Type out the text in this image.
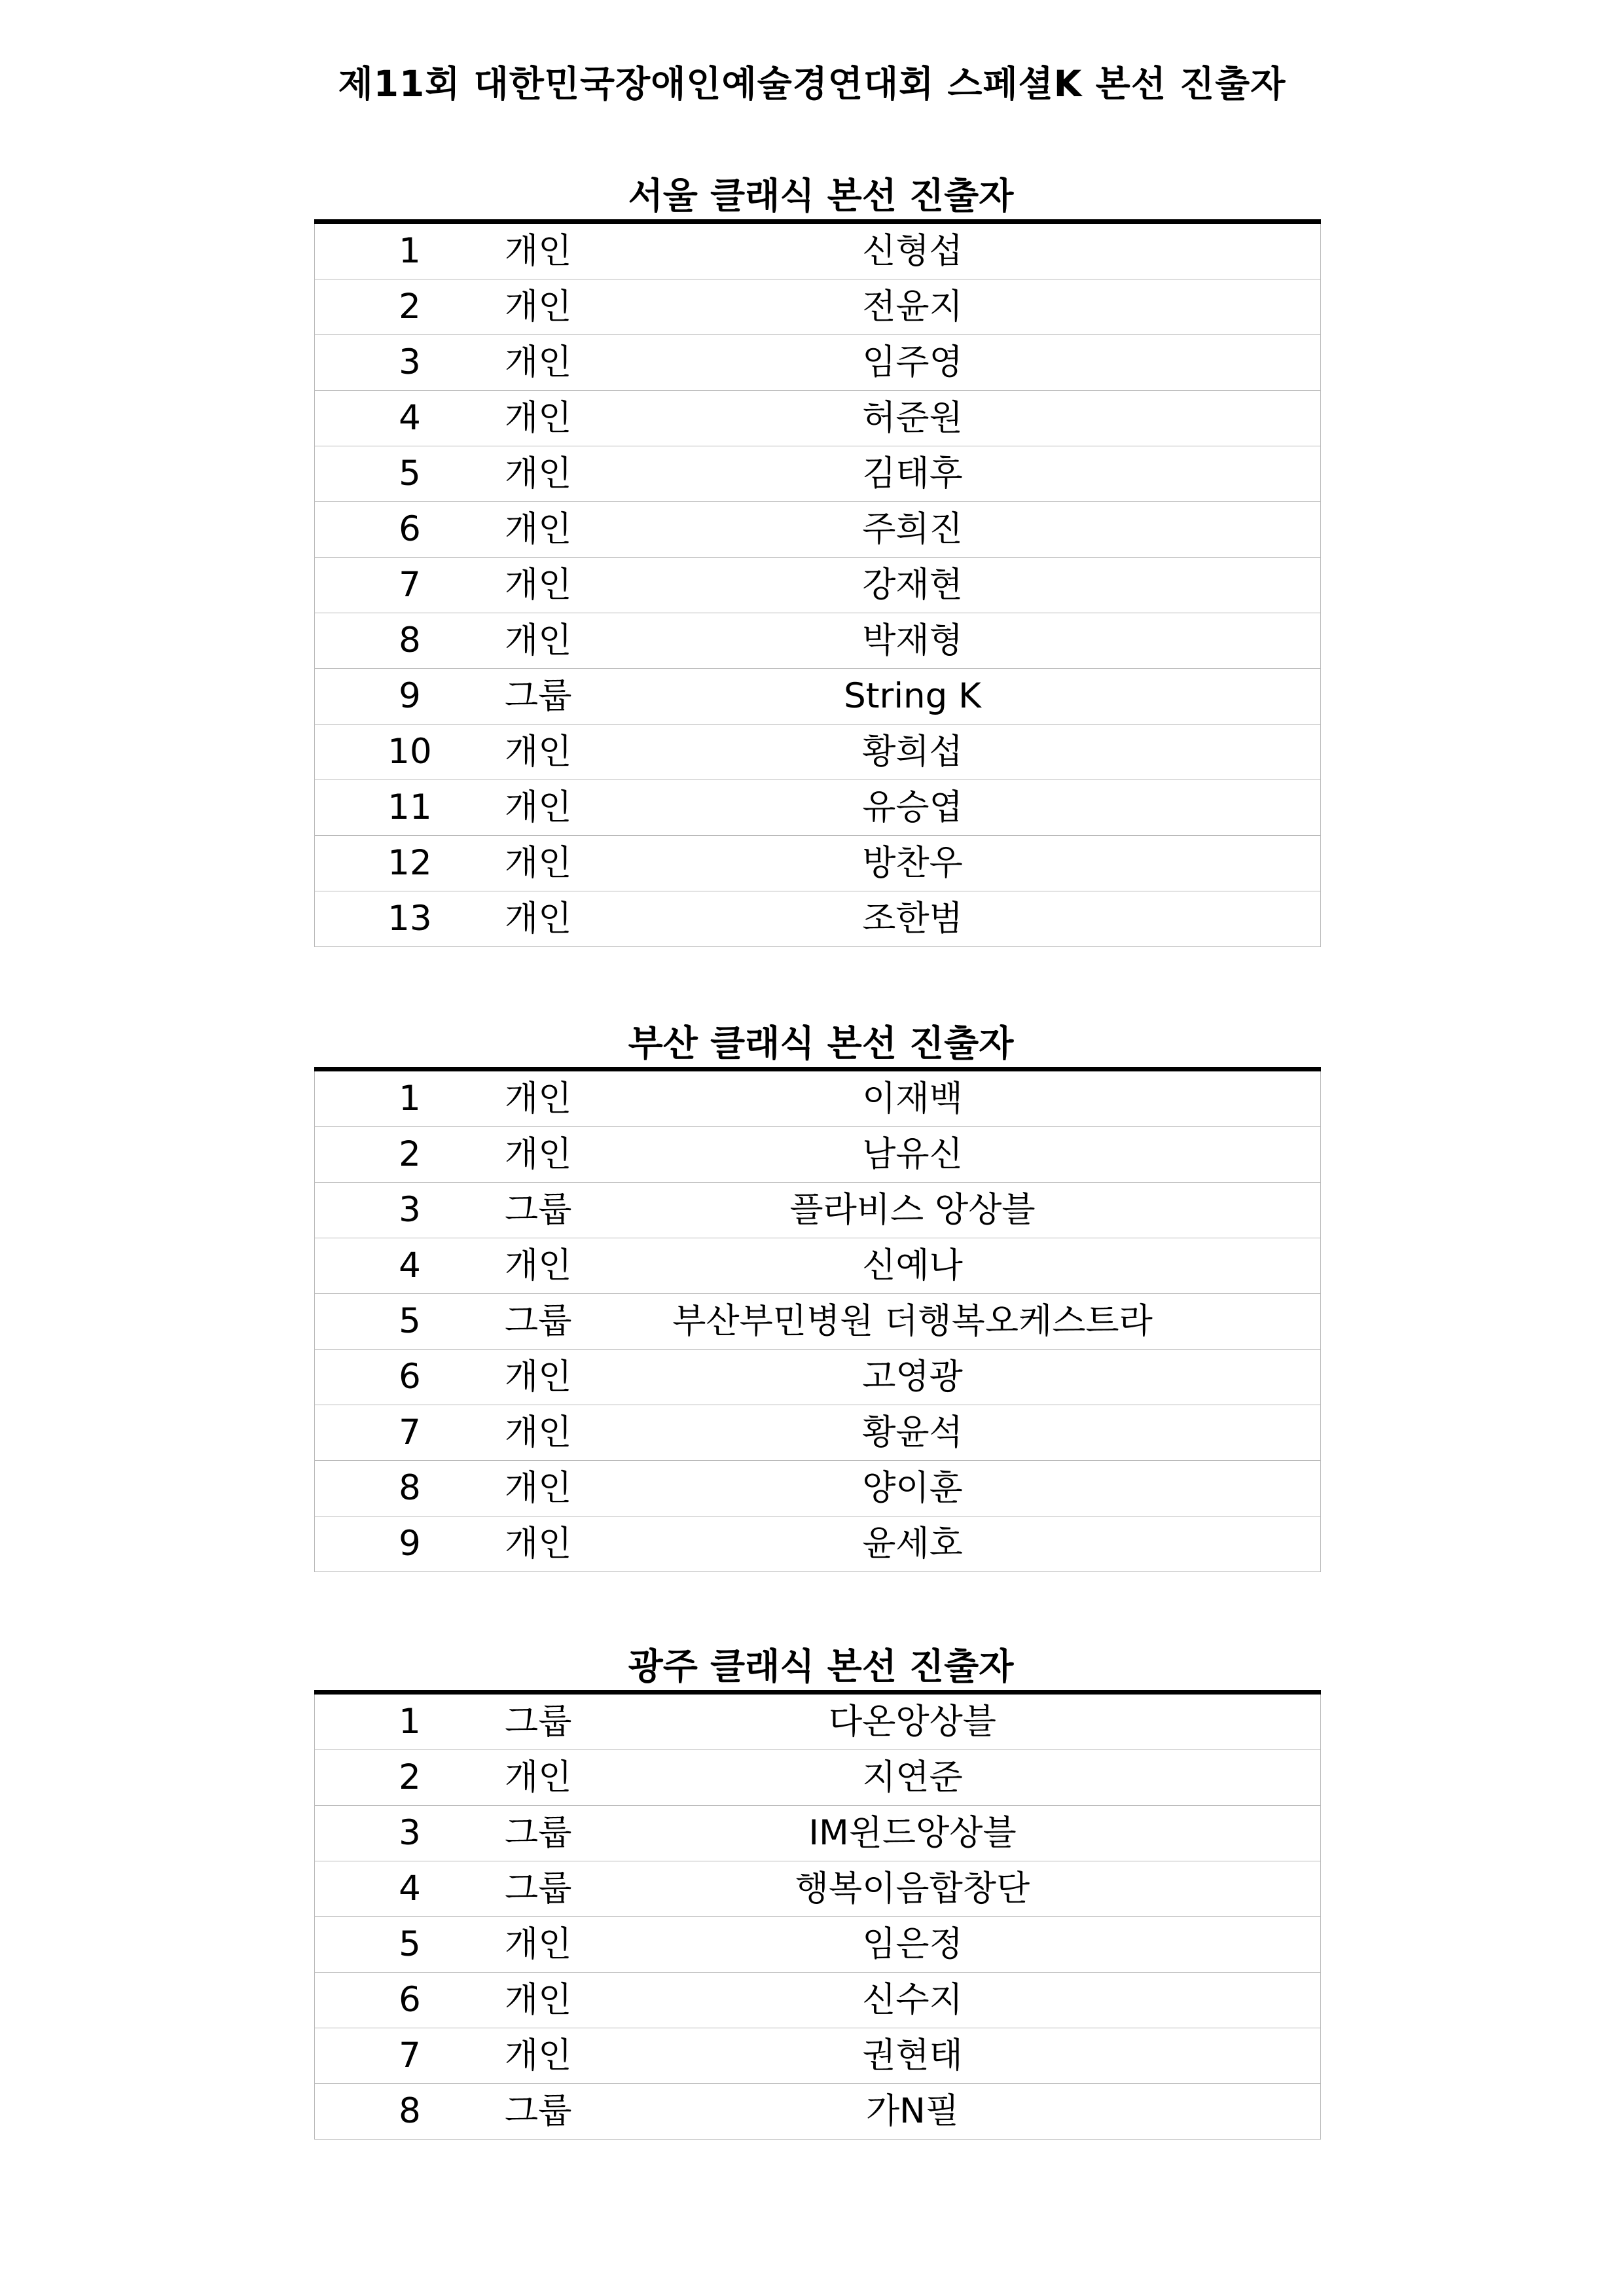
제11회 대한민국장애인예술경연대회 스페셜K 본선 진출자
서울 클래식 본선 진출자
1	개인	신형섭
2	개인	전윤지
3	개인	임주영
4	개인	허준원
5	개인	김태후
6	개인	주희진
7	개인	강재현
8	개인	박재형
9	그룹	String K
10	개인	황희섭
11	개인	유승엽
12	개인	방찬우
13	개인	조한범
부산 클래식 본선 진출자
1	개인	이재백
2	개인	남유신
3	그룹	플라비스 앙상블
4	개인	신예나
5	그룹	부산부민병원 더행복오케스트라
6	개인	고영광
7	개인	황윤석
8	개인	양이훈
9	개인	윤세호
광주 클래식 본선 진출자
1	그룹	다온앙상블
2	개인	지연준
3	그룹	IM윈드앙상블
4	그룹	행복이음합창단
5	개인	임은정
6	개인	신수지
7	개인	권현태
8	그룹	가N필
